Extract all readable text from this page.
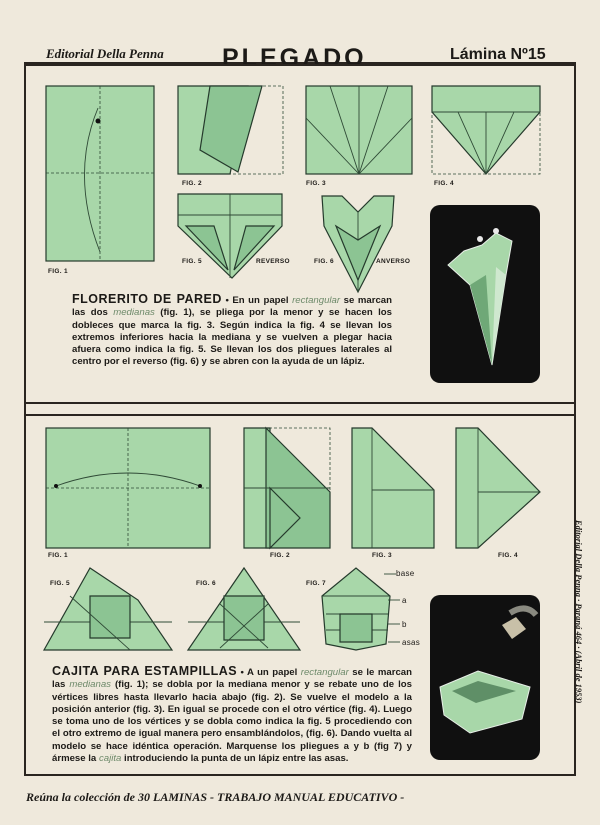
Editorial Della Penna PLEGADO	Lámina Nº15
FIG. 1
FIG. 2	FIG. 3	FIG. 4
FIG. 5	REVERSO	FIG. 6	ANVERSO
FLORERITO DE PARED • En un papel rectangular se marcan las dos medianas (fig. 1), se pliega por la menor y se hacen los dobleces que marca la fig. 3. Según indica la fig. 4 se llevan los extremos inferiores hacia la mediana y se vuelven a plegar hacia afuera como indica la fig. 5. Se llevan los dos pliegues laterales al centro por el reverso (fig. 6) y se abren con la ayuda de un lápiz.
FIG. 1	FIG. 2	FIG. 3	FIG. 4
FIG. 5	FIG. 6	FIG. 7
base
a
b
asas
CAJITA PARA ESTAMPILLAS • A un papel rectangular se le marcan las medianas (fig. 1); se dobla por la mediana menor y se rebate uno de los vértices libres hasta llevarlo hacia abajo (fig. 2). Se vuelve el modelo a la posición anterior (fig. 3). En igual se procede con el otro vértice (fig. 4). Luego se toma uno de los vértices y se dobla como indica la fig. 5 procediendo con el otro extremo de igual manera pero ensamblándolos, (fig. 6). Dando vuelta al modelo se hace idéntica operación. Marquense los pliegues a y b (fig 7) y ármese la cajita introduciendo la punta de un lápiz entre las asas.
Editorial Della Penna · Paraná 464 · (Abril de 1953)
Reúna la colección de 30 LAMINAS - TRABAJO MANUAL EDUCATIVO -
